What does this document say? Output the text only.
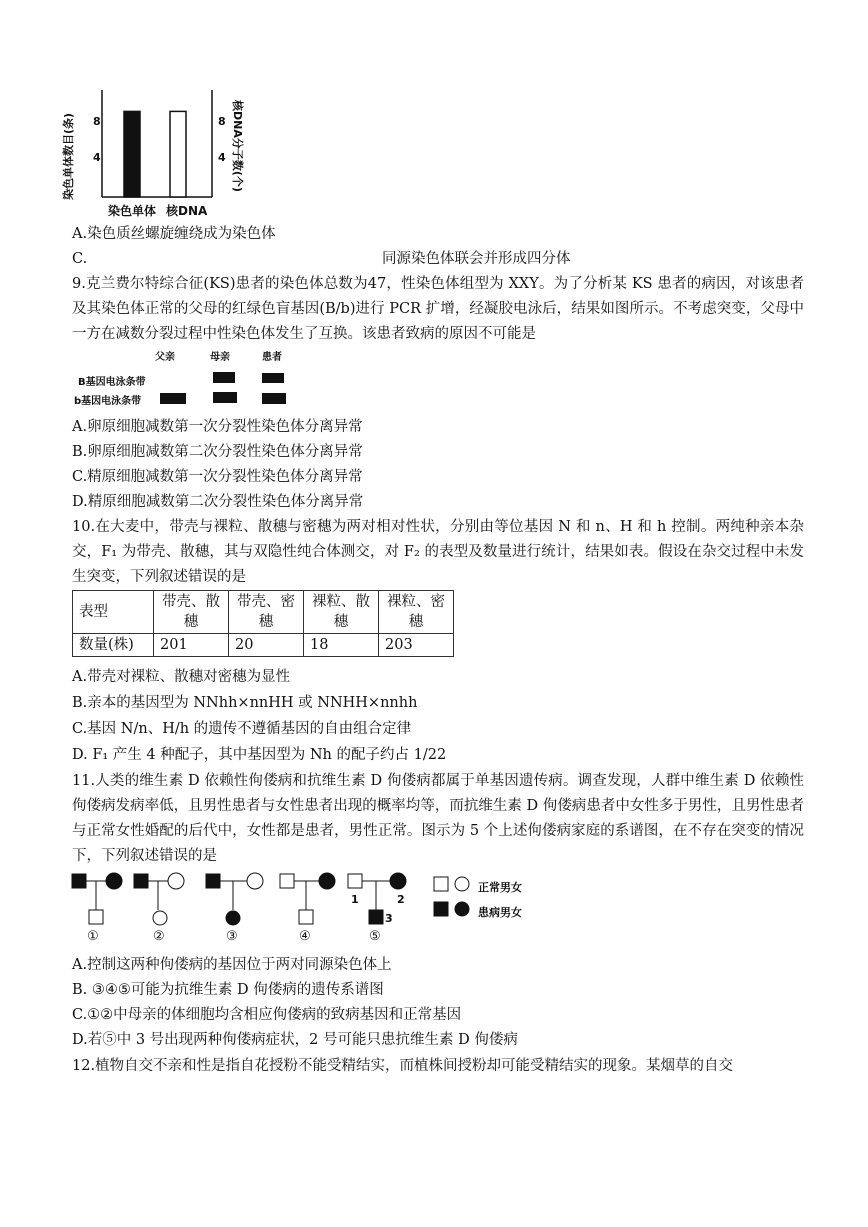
染色单体数目(条)	核DNA分子数(个)
8
4
8
4
染色单体 核DNA
A.染色质丝螺旋缠绕成为染色体
C.	同源染色体联会并形成四分体
9.克兰费尔特综合征(KS)患者的染色体总数为47，性染色体组型为 XXY。为了分析某 KS 患者的病因，对该患者及其染色体正常的父母的红绿色盲基因(B/b)进行 PCR 扩增，经凝胶电泳后，结果如图所示。不考虑突变，父母中一方在减数分裂过程中性染色体发生了互换。该患者致病的原因不可能是
父亲	母亲	患者
B基因电泳条带
b基因电泳条带
A.卵原细胞减数第一次分裂性染色体分离异常
B.卵原细胞减数第二次分裂性染色体分离异常
C.精原细胞减数第一次分裂性染色体分离异常
D.精原细胞减数第二次分裂性染色体分离异常
10.在大麦中，带壳与裸粒、散穗与密穗为两对相对性状，分别由等位基因 N 和 n、H 和 h 控制。两纯种亲本杂交，F₁ 为带壳、散穗，其与双隐性纯合体测交，对 F₂ 的表型及数量进行统计，结果如表。假设在杂交过程中未发生突变，下列叙述错误的是
表型	带壳、散穗	带壳、密穗	裸粒、散穗	裸粒、密穗
数量(株)	201	20	18	203
A.带壳对裸粒、散穗对密穗为显性
B.亲本的基因型为 NNhh×nnHH 或 NNHH×nnhh
C.基因 N/n、H/h 的遗传不遵循基因的自由组合定律
D. F₁ 产生 4 种配子，其中基因型为 Nh 的配子约占 1/22
11.人类的维生素 D 依赖性佝偻病和抗维生素 D 佝偻病都属于单基因遗传病。调查发现，人群中维生素 D 依赖性佝偻病发病率低，且男性患者与女性患者出现的概率均等，而抗维生素 D 佝偻病患者中女性多于男性，且男性患者与正常女性婚配的后代中，女性都是患者，男性正常。图示为 5 个上述佝偻病家庭的系谱图，在不存在突变的情况下，下列叙述错误的是
①	②	③	④	⑤
1	2
3
正常男女
患病男女
A.控制这两种佝偻病的基因位于两对同源染色体上
B. ③④⑤可能为抗维生素 D 佝偻病的遗传系谱图
C.①②中母亲的体细胞均含相应佝偻病的致病基因和正常基因
D.若⑤中 3 号出现两种佝偻病症状，2 号可能只患抗维生素 D 佝偻病
12.植物自交不亲和性是指自花授粉不能受精结实，而植株间授粉却可能受精结实的现象。某烟草的自交
